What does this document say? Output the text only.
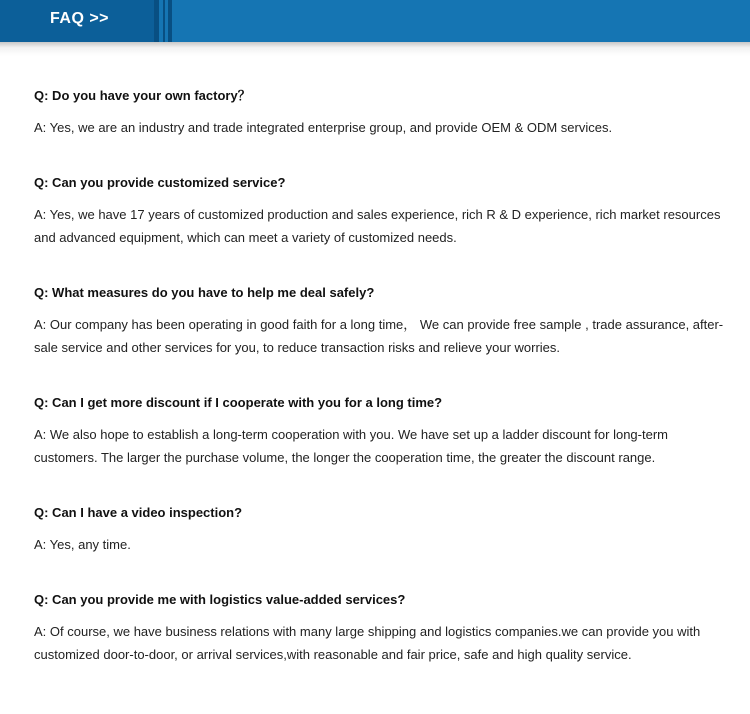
FAQ >>

Q: Do you have your own factory？

A: Yes, we are an industry and trade integrated enterprise group, and provide OEM & ODM services.

Q: Can you provide customized service?

A: Yes, we have 17 years of customized production and sales experience, rich R & D experience, rich market resources and advanced equipment, which can meet a variety of customized needs.

Q: What measures do you have to help me deal safely?

A: Our company has been operating in good faith for a long time， We can provide free sample , trade assurance, after-sale service and other services for you, to reduce transaction risks and relieve your worries.

Q: Can I get more discount if I cooperate with you for a long time?

A: We also hope to establish a long-term cooperation with you. We have set up a ladder discount for long-term customers. The larger the purchase volume, the longer the cooperation time, the greater the discount range.

Q: Can I have a video inspection?

A: Yes, any time.

Q: Can you provide me with logistics value-added services?

A: Of course, we have business relations with many large shipping and logistics companies.we can provide you with customized door-to-door, or arrival services,with reasonable and fair price, safe and high quality service.
